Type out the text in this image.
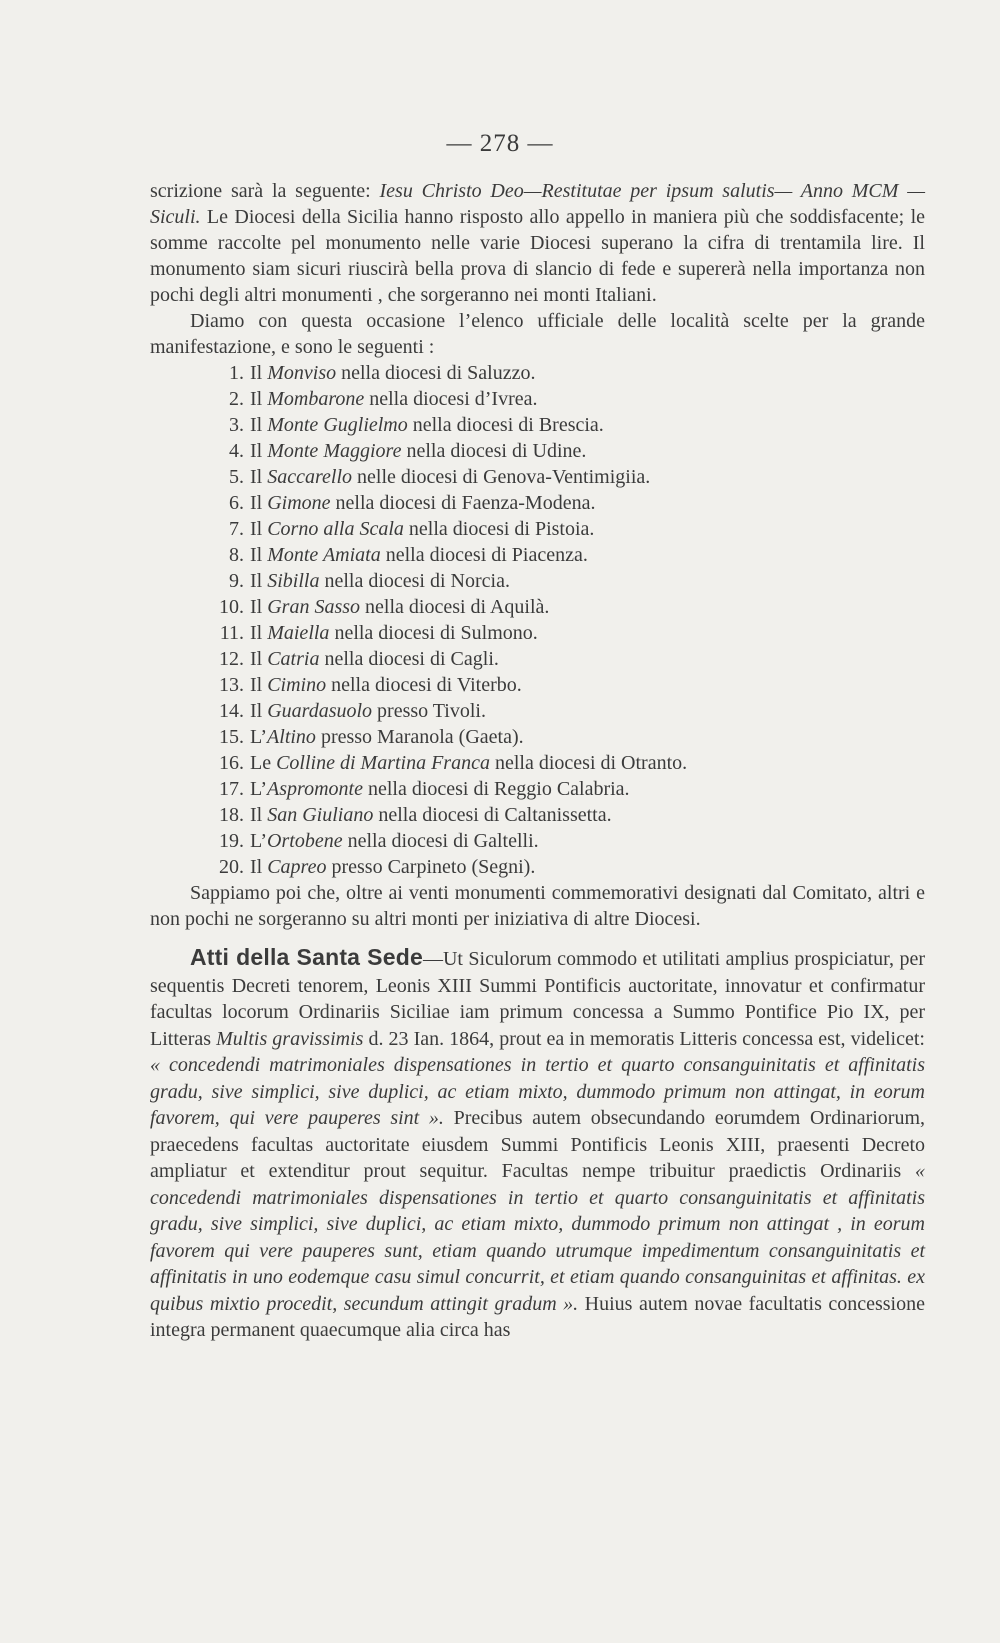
— 278 —

scrizione sarà la seguente: Iesu Christo Deo—Restitutae per ipsum salutis— Anno MCM — Siculi. Le Diocesi della Sicilia hanno risposto allo appello in maniera più che soddisfacente; le somme raccolte pel monumento nelle varie Diocesi superano la cifra di trentamila lire. Il monumento siam sicuri riuscirà bella prova di slancio di fede e supererà nella importanza non pochi degli altri monumenti , che sorgeranno nei monti Italiani.

Diamo con questa occasione l’elenco ufficiale delle località scelte per la grande manifestazione, e sono le seguenti :

1. Il Monviso nella diocesi di Saluzzo.
2. Il Mombarone nella diocesi d’Ivrea.
3. Il Monte Guglielmo nella diocesi di Brescia.
4. Il Monte Maggiore nella diocesi di Udine.
5. Il Saccarello nelle diocesi di Genova-Ventimigiia.
6. Il Gimone nella diocesi di Faenza-Modena.
7. Il Corno alla Scala nella diocesi di Pistoia.
8. Il Monte Amiata nella diocesi di Piacenza.
9. Il Sibilla nella diocesi di Norcia.
10. Il Gran Sasso nella diocesi di Aquilà.
11. Il Maiella nella diocesi di Sulmono.
12. Il Catria nella diocesi di Cagli.
13. Il Cimino nella diocesi di Viterbo.
14. Il Guardasuolo presso Tivoli.
15. L’Altino presso Maranola (Gaeta).
16. Le Colline di Martina Franca nella diocesi di Otranto.
17. L’Aspromonte nella diocesi di Reggio Calabria.
18. Il San Giuliano nella diocesi di Caltanissetta.
19. L’Ortobene nella diocesi di Galtelli.
20. Il Capreo presso Carpineto (Segni).

Sappiamo poi che, oltre ai venti monumenti commemorativi designati dal Comitato, altri e non pochi ne sorgeranno su altri monti per iniziativa di altre Diocesi.

Atti della Santa Sede—Ut Siculorum commodo et utilitati amplius prospiciatur, per sequentis Decreti tenorem, Leonis XIII Summi Pontificis auctoritate, innovatur et confirmatur facultas locorum Ordinariis Siciliae iam primum concessa a Summo Pontifice Pio IX, per Litteras Multis gravissimis d. 23 Ian. 1864, prout ea in memoratis Litteris concessa est, videlicet: « concedendi matrimoniales dispensationes in tertio et quarto consanguinitatis et affinitatis gradu, sive simplici, sive duplici, ac etiam mixto, dummodo primum non attingat, in eorum favorem, qui vere pauperes sint ». Precibus autem obsecundando eorumdem Ordinariorum, praecedens facultas auctoritate eiusdem Summi Pontificis Leonis XIII, praesenti Decreto ampliatur et extenditur prout sequitur. Facultas nempe tribuitur praedictis Ordinariis « concedendi matrimoniales dispensationes in tertio et quarto consanguinitatis et affinitatis gradu, sive simplici, sive duplici, ac etiam mixto, dummodo primum non attingat , in eorum favorem qui vere pauperes sunt, etiam quando utrumque impedimentum consanguinitatis et affinitatis in uno eodemque casu simul concurrit, et etiam quando consanguinitas et affinitas. ex quibus mixtio procedit, secundum attingit gradum ». Huius autem novae facultatis concessione integra permanent quaecumque alia circa has
